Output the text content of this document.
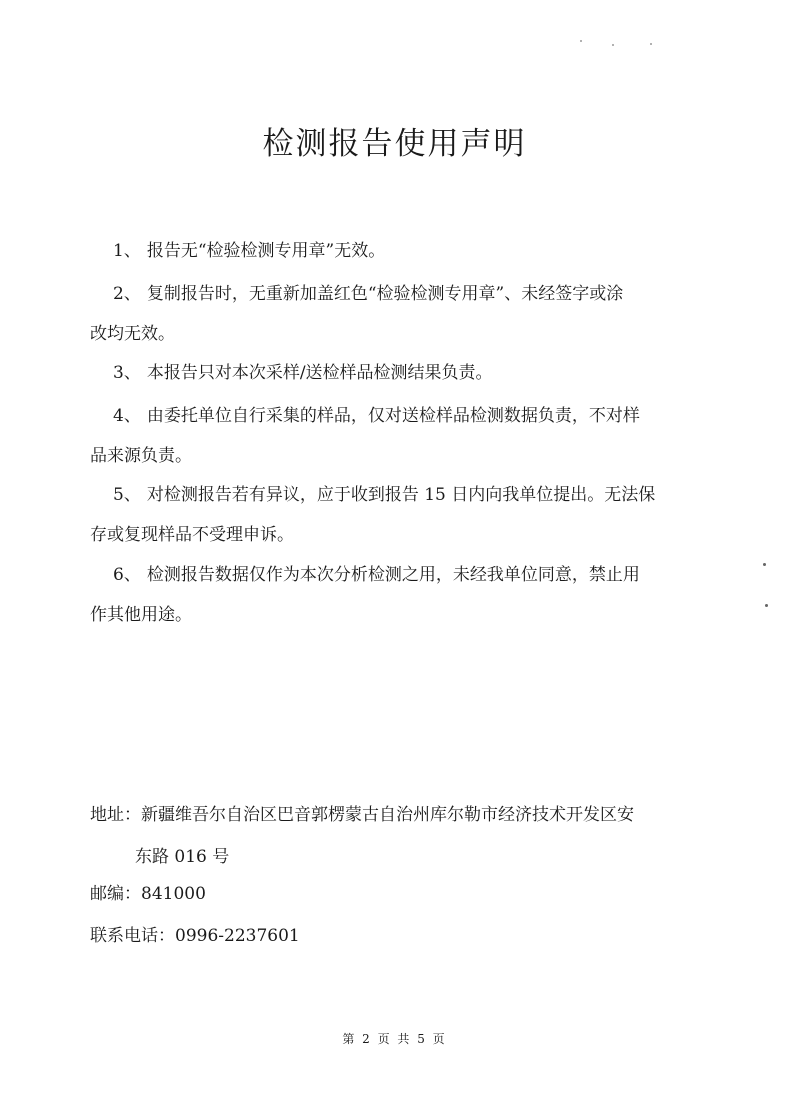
检测报告使用声明
1、 报告无“检验检测专用章”无效。
2、 复制报告时，无重新加盖红色“检验检测专用章”、未经签字或涂
改均无效。
3、 本报告只对本次采样/送检样品检测结果负责。
4、 由委托单位自行采集的样品，仅对送检样品检测数据负责，不对样
品来源负责。
5、 对检测报告若有异议，应于收到报告 15 日内向我单位提出。无法保
存或复现样品不受理申诉。
6、 检测报告数据仅作为本次分析检测之用，未经我单位同意，禁止用
作其他用途。
地址：新疆维吾尔自治区巴音郭楞蒙古自治州库尔勒市经济技术开发区安
东路 016 号
邮编：841000
联系电话：0996-2237601
第 2 页 共 5 页
